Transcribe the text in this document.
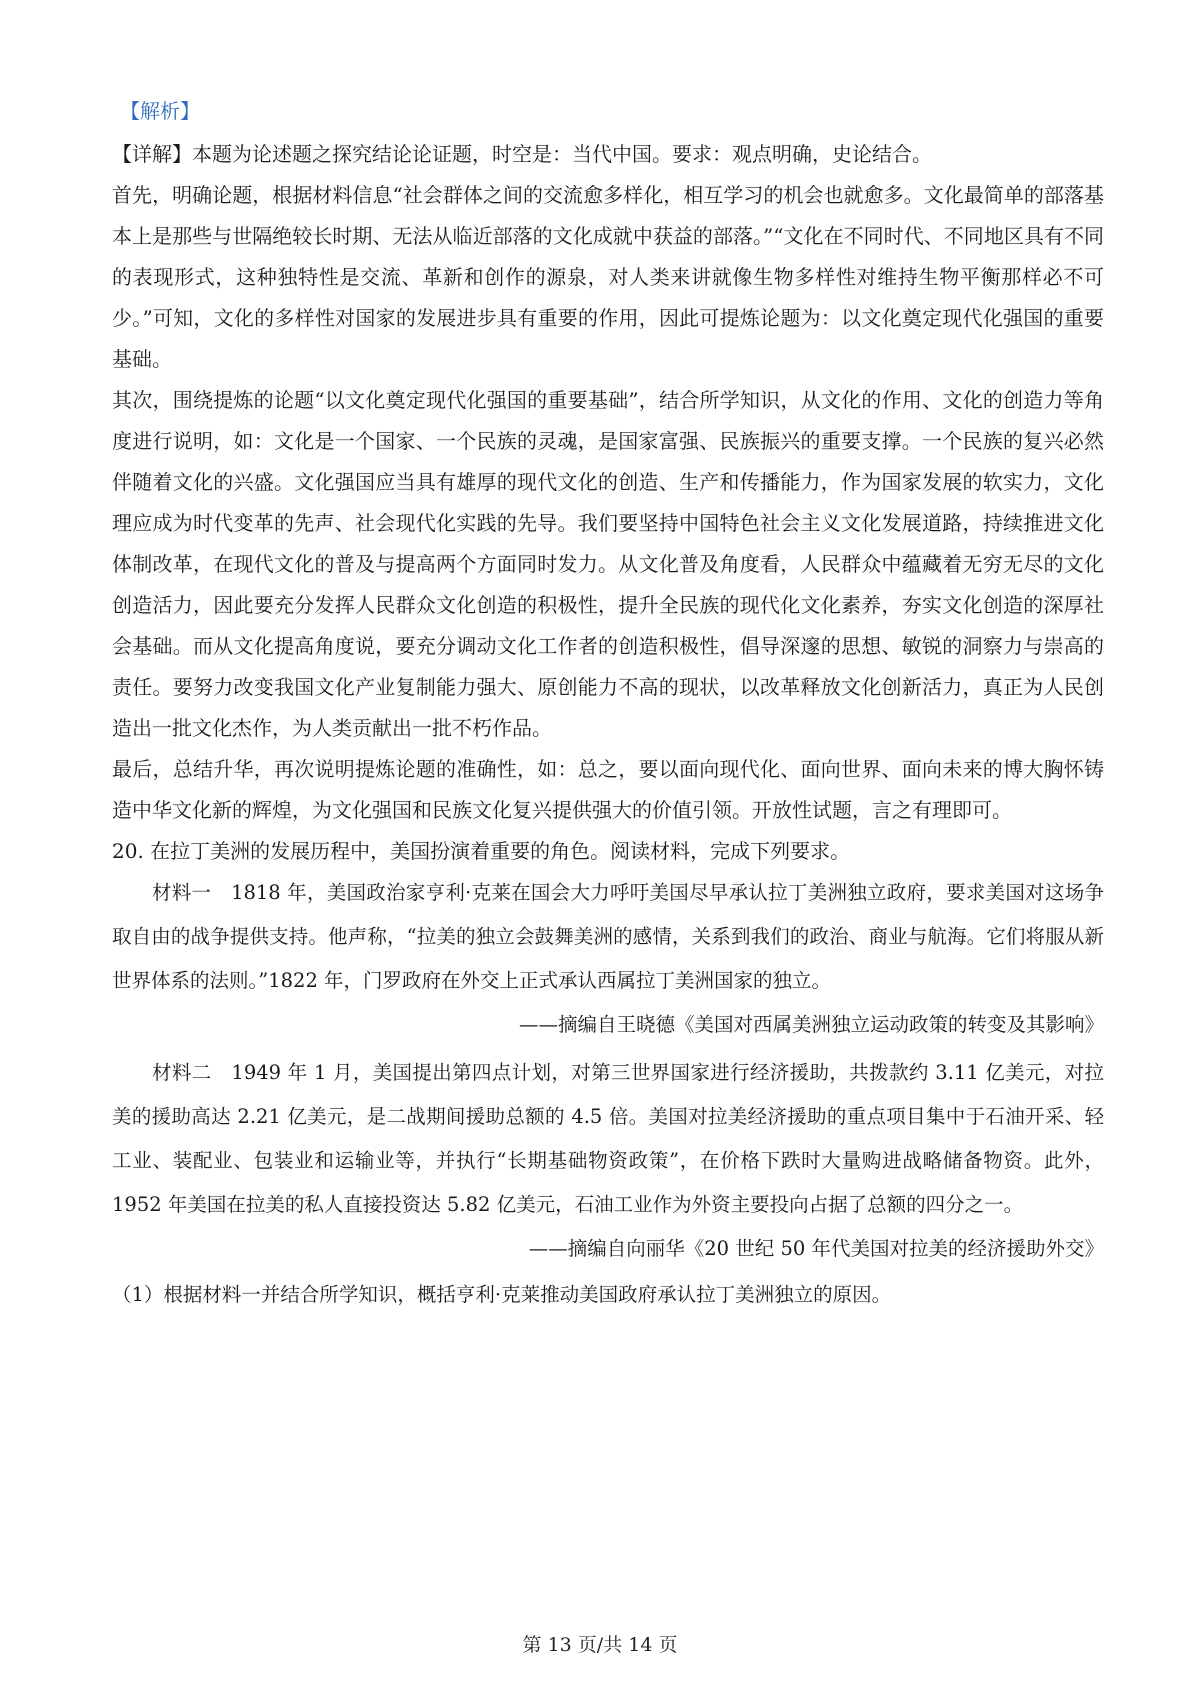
【解析】

【详解】本题为论述题之探究结论论证题，时空是：当代中国。要求：观点明确，史论结合。

首先，明确论题，根据材料信息“社会群体之间的交流愈多样化，相互学习的机会也就愈多。文化最简单的部落基本上是那些与世隔绝较长时期、无法从临近部落的文化成就中获益的部落。”“文化在不同时代、不同地区具有不同的表现形式，这种独特性是交流、革新和创作的源泉，对人类来讲就像生物多样性对维持生物平衡那样必不可少。”可知，文化的多样性对国家的发展进步具有重要的作用，因此可提炼论题为：以文化奠定现代化强国的重要基础。

其次，围绕提炼的论题“以文化奠定现代化强国的重要基础”，结合所学知识，从文化的作用、文化的创造力等角度进行说明，如：文化是一个国家、一个民族的灵魂，是国家富强、民族振兴的重要支撑。一个民族的复兴必然伴随着文化的兴盛。文化强国应当具有雄厚的现代文化的创造、生产和传播能力，作为国家发展的软实力，文化理应成为时代变革的先声、社会现代化实践的先导。我们要坚持中国特色社会主义文化发展道路，持续推进文化体制改革，在现代文化的普及与提高两个方面同时发力。从文化普及角度看，人民群众中蕴藏着无穷无尽的文化创造活力，因此要充分发挥人民群众文化创造的积极性，提升全民族的现代化文化素养，夯实文化创造的深厚社会基础。而从文化提高角度说，要充分调动文化工作者的创造积极性，倡导深邃的思想、敏锐的洞察力与崇高的责任。要努力改变我国文化产业复制能力强大、原创能力不高的现状，以改革释放文化创新活力，真正为人民创造出一批文化杰作，为人类贡献出一批不朽作品。

最后，总结升华，再次说明提炼论题的准确性，如：总之，要以面向现代化、面向世界、面向未来的博大胸怀铸造中华文化新的辉煌，为文化强国和民族文化复兴提供强大的价值引领。开放性试题，言之有理即可。

20. 在拉丁美洲的发展历程中，美国扮演着重要的角色。阅读材料，完成下列要求。

材料一　1818 年，美国政治家亨利·克莱在国会大力呼吁美国尽早承认拉丁美洲独立政府，要求美国对这场争取自由的战争提供支持。他声称，“拉美的独立会鼓舞美洲的感情，关系到我们的政治、商业与航海。它们将服从新世界体系的法则。”1822 年，门罗政府在外交上正式承认西属拉丁美洲国家的独立。

——摘编自王晓德《美国对西属美洲独立运动政策的转变及其影响》

材料二　1949 年 1 月，美国提出第四点计划，对第三世界国家进行经济援助，共拨款约 3.11 亿美元，对拉美的援助高达 2.21 亿美元，是二战期间援助总额的 4.5 倍。美国对拉美经济援助的重点项目集中于石油开采、轻工业、装配业、包装业和运输业等，并执行“长期基础物资政策”，在价格下跌时大量购进战略储备物资。此外，1952 年美国在拉美的私人直接投资达 5.82 亿美元，石油工业作为外资主要投向占据了总额的四分之一。

——摘编自向丽华《20 世纪 50 年代美国对拉美的经济援助外交》

（1）根据材料一并结合所学知识，概括亨利·克莱推动美国政府承认拉丁美洲独立的原因。

第 13 页/共 14 页
